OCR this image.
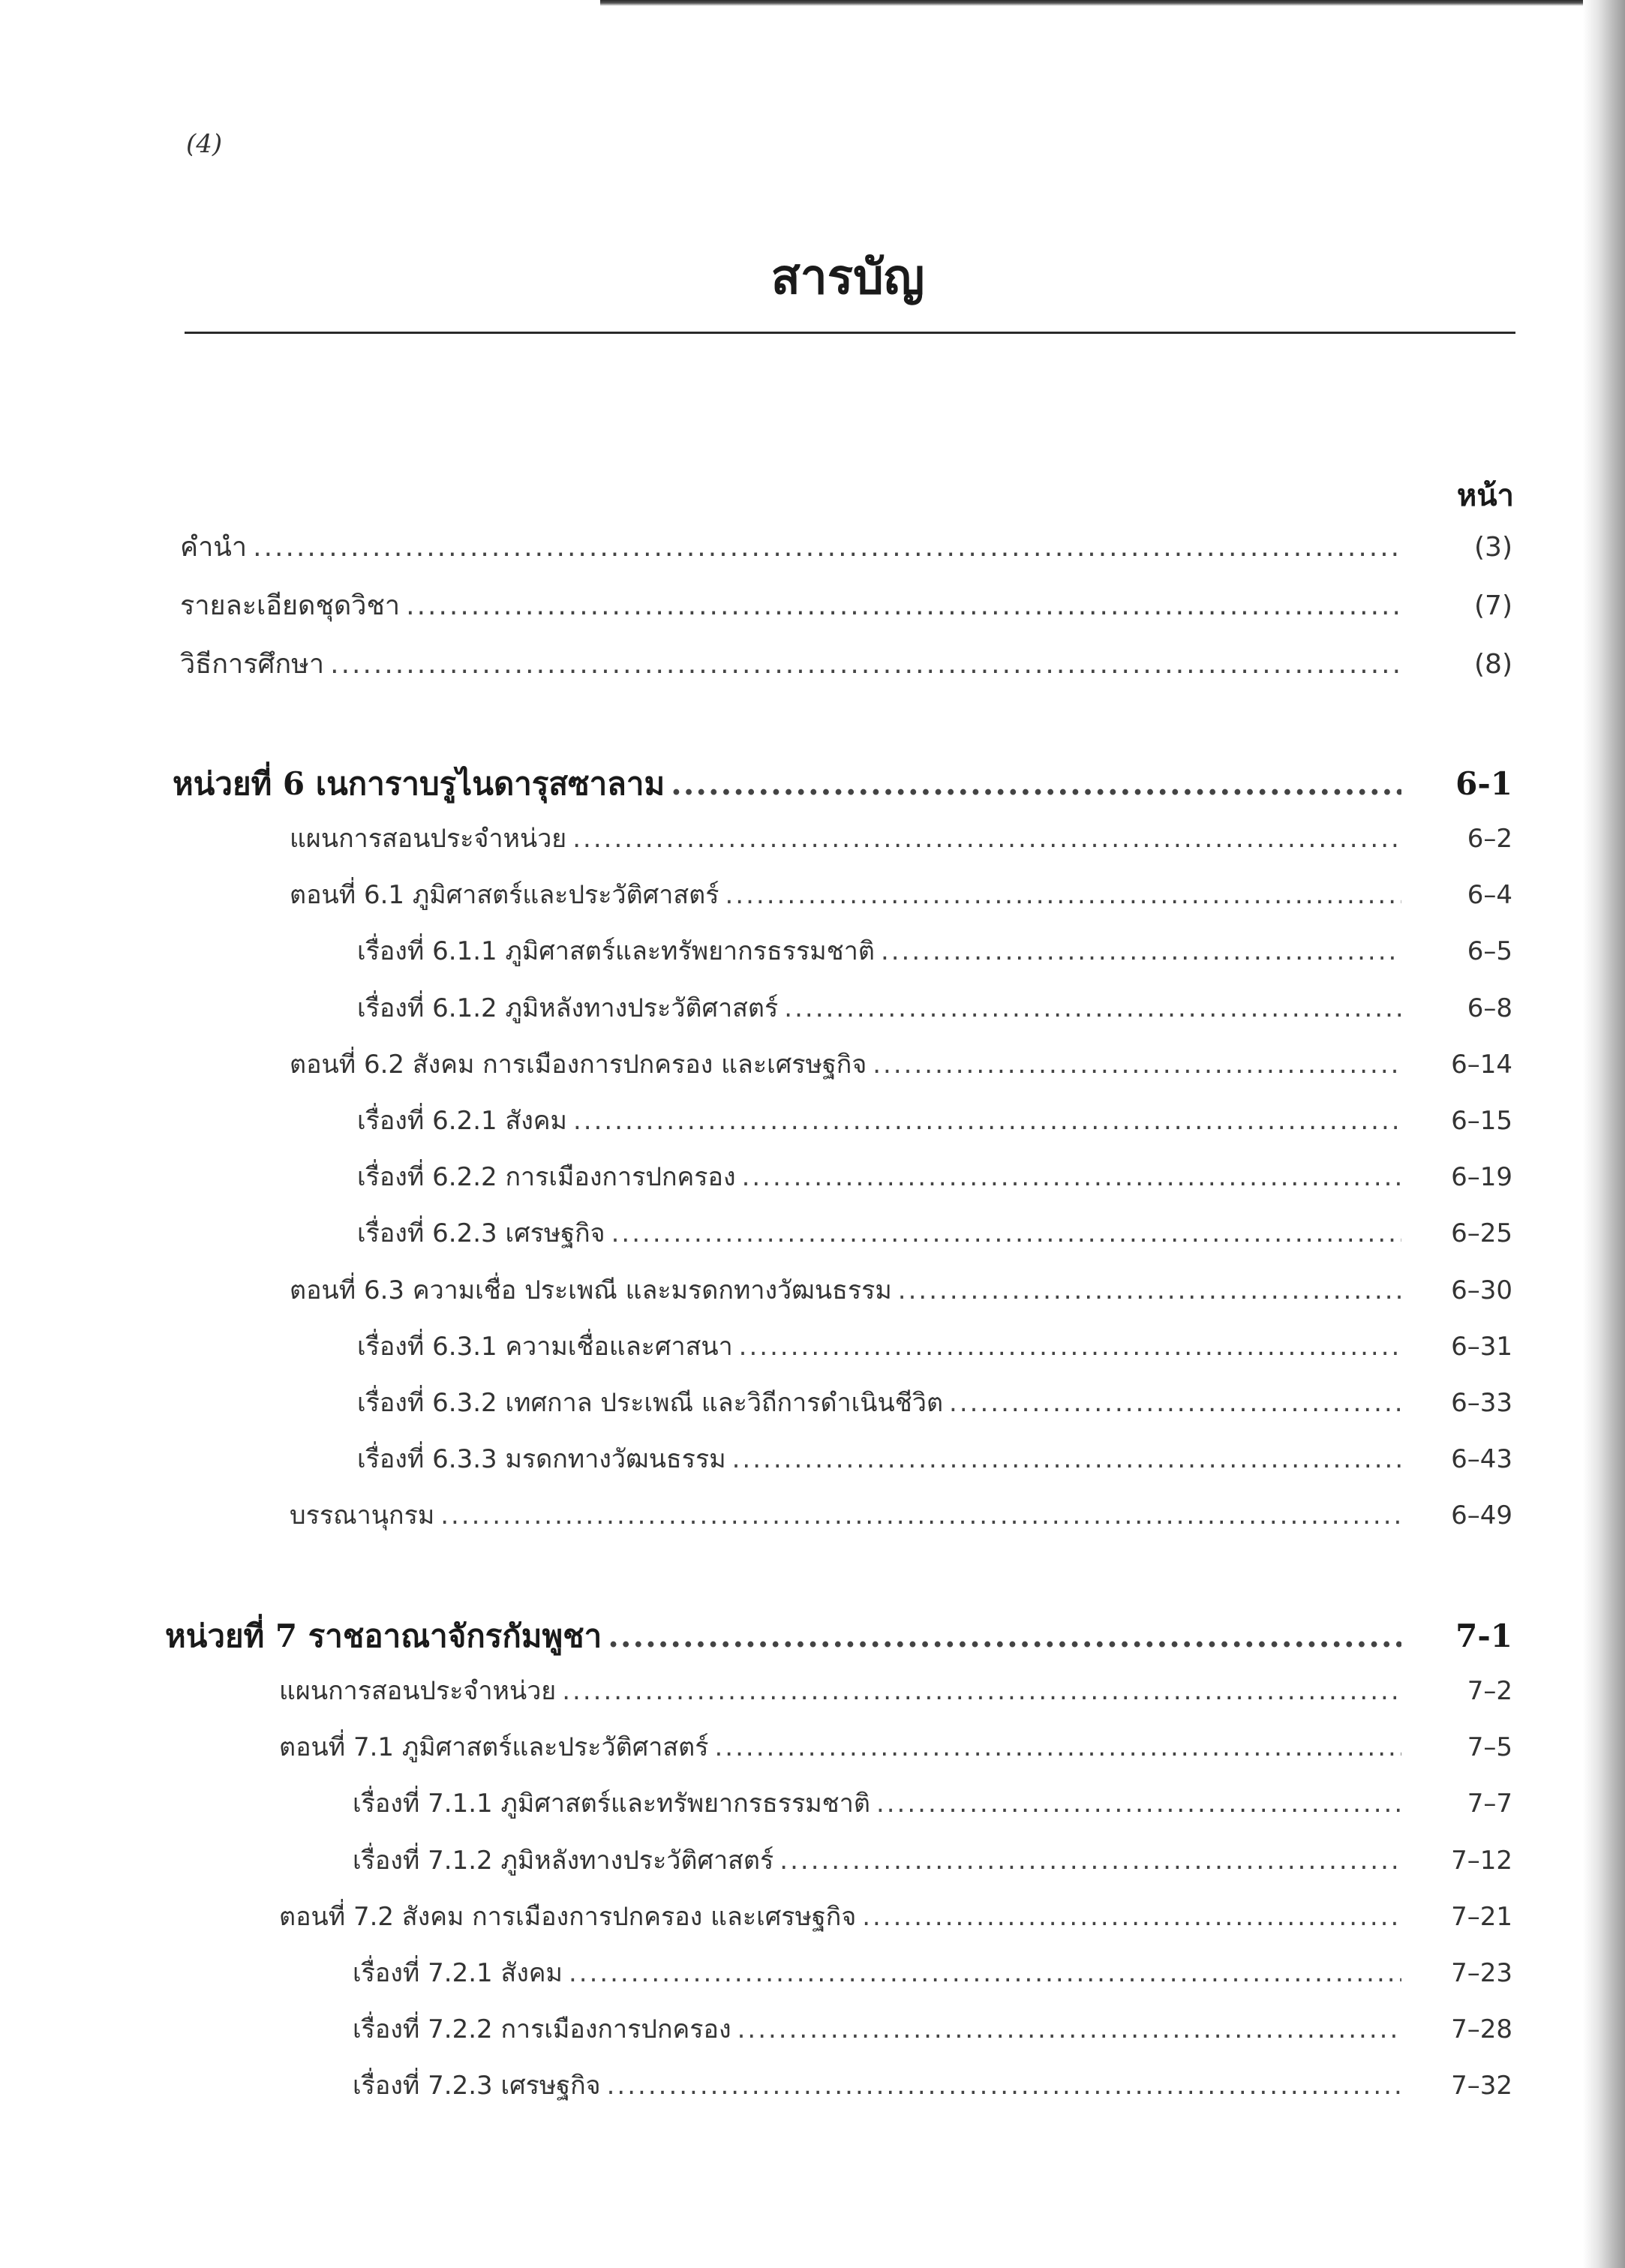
(4)
สารบัญ
หน้า
คำนำ .....	(3)
รายละเอียดชุดวิชา .....	(7)
วิธีการศึกษา .....	(8)
หน่วยที่ 6 เนการาบรูไนดารุสซาลาม .....	6-1
แผนการสอนประจำหน่วย .....	6–2
ตอนที่ 6.1 ภูมิศาสตร์และประวัติศาสตร์ .....	6–4
เรื่องที่ 6.1.1 ภูมิศาสตร์และทรัพยากรธรรมชาติ .....	6–5
เรื่องที่ 6.1.2 ภูมิหลังทางประวัติศาสตร์ .....	6–8
ตอนที่ 6.2 สังคม การเมืองการปกครอง และเศรษฐกิจ .....	6–14
เรื่องที่ 6.2.1 สังคม .....	6–15
เรื่องที่ 6.2.2 การเมืองการปกครอง .....	6–19
เรื่องที่ 6.2.3 เศรษฐกิจ .....	6–25
ตอนที่ 6.3 ความเชื่อ ประเพณี และมรดกทางวัฒนธรรม .....	6–30
เรื่องที่ 6.3.1 ความเชื่อและศาสนา .....	6–31
เรื่องที่ 6.3.2 เทศกาล ประเพณี และวิถีการดำเนินชีวิต .....	6–33
เรื่องที่ 6.3.3 มรดกทางวัฒนธรรม .....	6–43
บรรณานุกรม .....	6–49
หน่วยที่ 7 ราชอาณาจักรกัมพูชา .....	7-1
แผนการสอนประจำหน่วย .....	7–2
ตอนที่ 7.1 ภูมิศาสตร์และประวัติศาสตร์ .....	7–5
เรื่องที่ 7.1.1 ภูมิศาสตร์และทรัพยากรธรรมชาติ .....	7–7
เรื่องที่ 7.1.2 ภูมิหลังทางประวัติศาสตร์ .....	7–12
ตอนที่ 7.2 สังคม การเมืองการปกครอง และเศรษฐกิจ .....	7–21
เรื่องที่ 7.2.1 สังคม .....	7–23
เรื่องที่ 7.2.2 การเมืองการปกครอง .....	7–28
เรื่องที่ 7.2.3 เศรษฐกิจ .....	7–32
